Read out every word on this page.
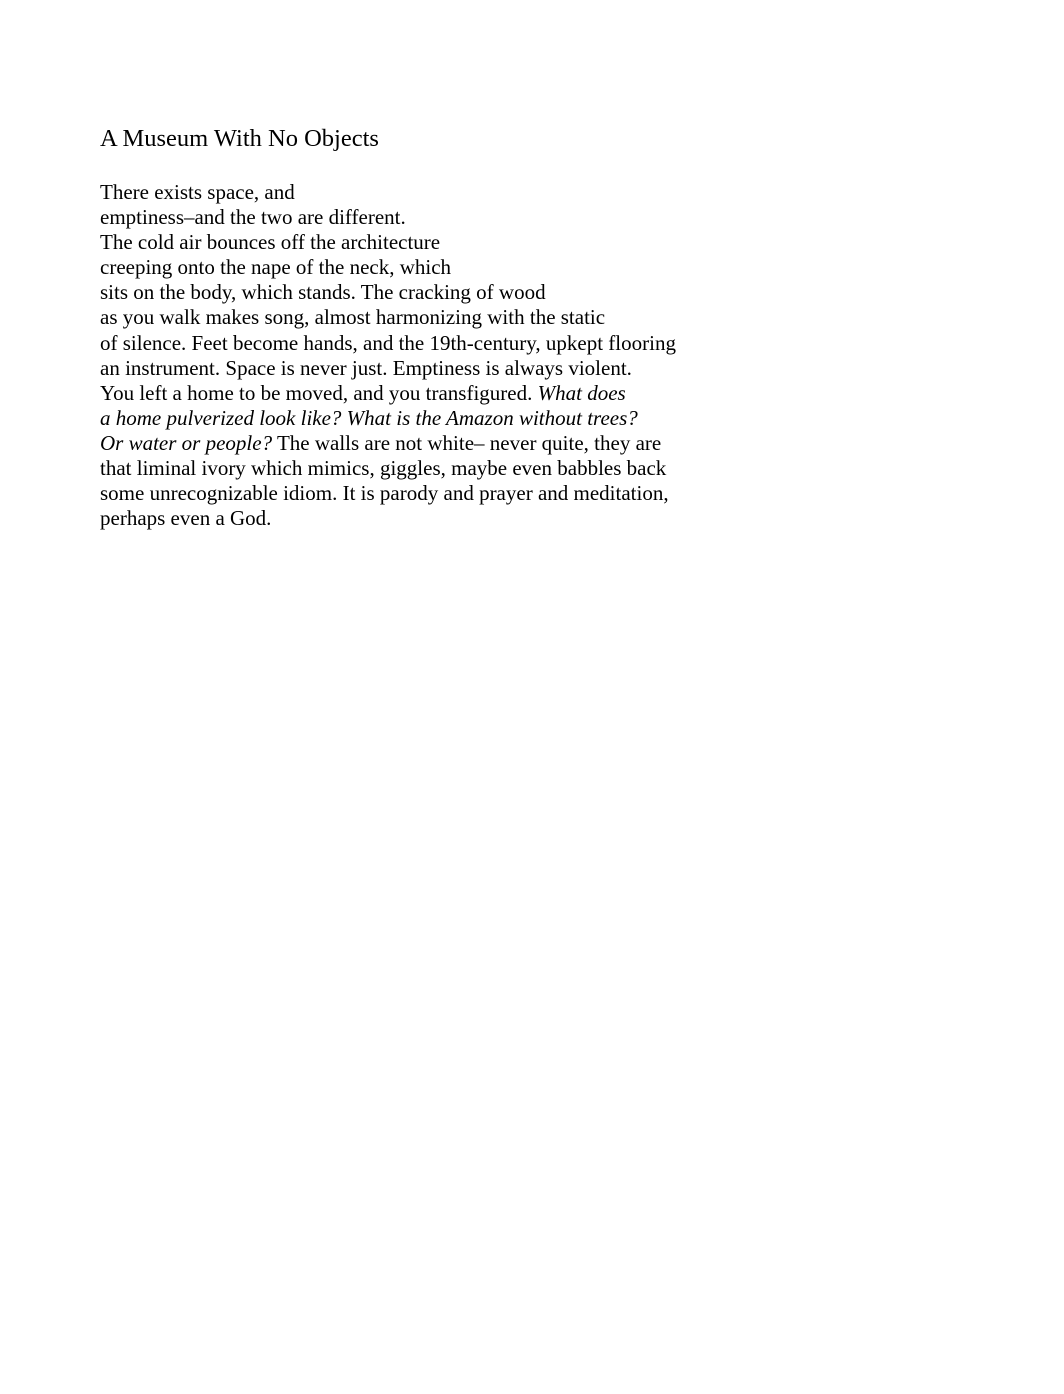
A Museum With No Objects
There exists space, and
emptiness–and the two are different.
The cold air bounces off the architecture
creeping onto the nape of the neck, which
sits on the body, which stands. The cracking of wood
as you walk makes song, almost harmonizing with the static
of silence. Feet become hands, and the 19th-century, upkept flooring
an instrument. Space is never just. Emptiness is always violent.
You left a home to be moved, and you transfigured. What does
a home pulverized look like? What is the Amazon without trees?
Or water or people? The walls are not white– never quite, they are
that liminal ivory which mimics, giggles, maybe even babbles back
some unrecognizable idiom. It is parody and prayer and meditation,
perhaps even a God.
